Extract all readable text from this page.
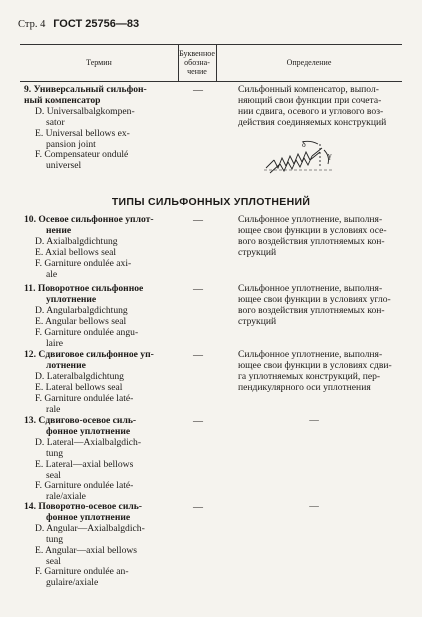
Стр. 4 ГОСТ 25756—83
Термин
Буквенное
обозна-
чение
Определение
9. Универсальный сильфон-
ный компенсатор
D. Universalbalgkompen-
sator
E. Universal bellows ex-
pansion joint
F. Compensateur ondulé
universel
—	Сильфонный компенсатор, выпол-
няющий свои функции при сочета-
нии сдвига, осевого и углового воз-
действия соединяемых конструкций
δ
γ
ТИПЫ СИЛЬФОННЫХ УПЛОТНЕНИЙ
10. Осевое сильфонное уплот-
нение
D. Axialbalgdichtung
E. Axial bellows seal
F. Garniture ondulée axi-
ale
—	Сильфонное уплотнение, выполня-
ющее свои функции в условиях осе-
вого воздействия уплотняемых кон-
струкций
11. Поворотное сильфонное
уплотнение
D. Angularbalgdichtung
E. Angular bellows seal
F. Garniture ondulée angu-
laire
—	Сильфонное уплотнение, выполня-
ющее свои функции в условиях угло-
вого воздействия уплотняемых кон-
струкций
12. Сдвиговое сильфонное уп-
лотнение
D. Lateralbalgdichtung
E. Lateral bellows seal
F. Garniture ondulée laté-
rale
—	Сильфонное уплотнение, выполня-
ющее свои функции в условиях сдви-
га уплотняемых конструкций, пер-
пендикулярного оси уплотнения
13. Сдвигово-осевое силь-
фонное уплотнение
D. Lateral—Axialbalgdich-
tung
E. Lateral—axial bellows
seal
F. Garniture ondulée laté-
rale/axiale
—	—
14. Поворотно-осевое силь-
фонное уплотнение
D. Angular—Axialbalgdich-
tung
E. Angular—axial bellows
seal
F. Garniture ondulée an-
gulaire/axiale
—	—
